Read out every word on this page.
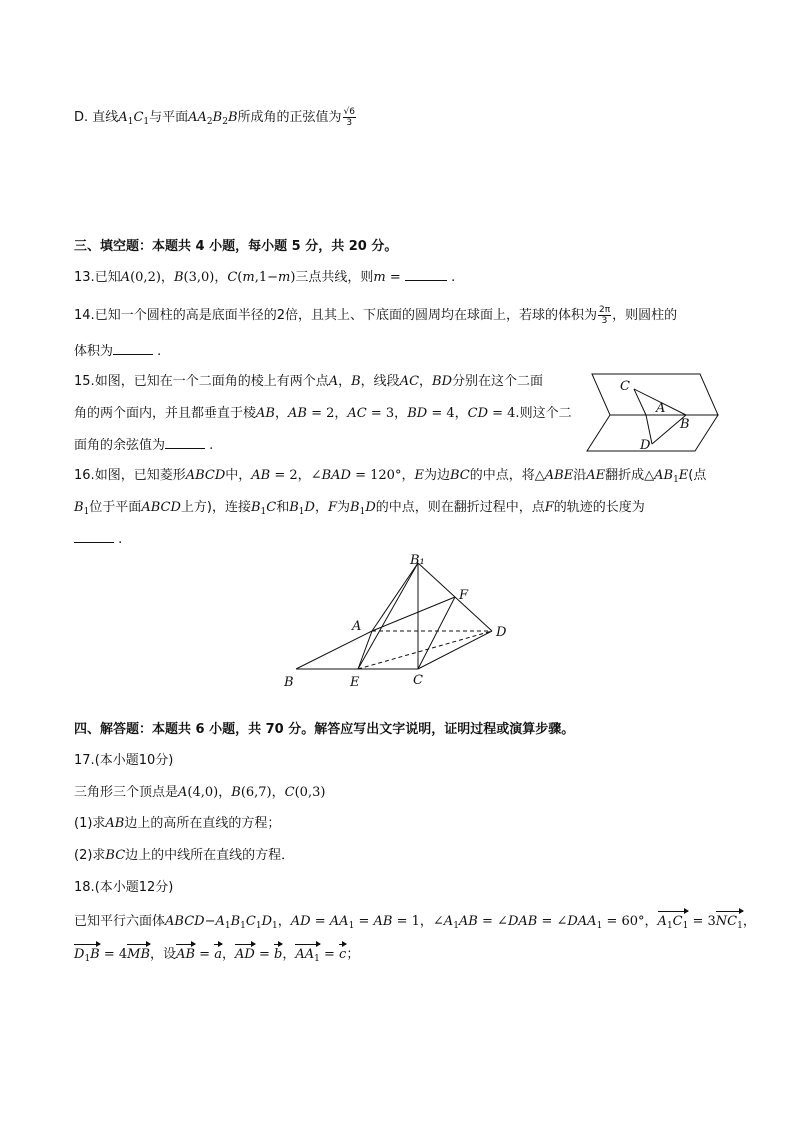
D. 直线$A_1C_1$与平面$AA_2B_2B$所成角的正弦值为 $\frac{√6}{3}$
三、填空题：本题共 4 小题，每小题 5 分，共 20 分。
13.已知A(0,2)，B(3,0)，C(m,1−m)三点共线，则m =	.
14.已知一个圆柱的高是底面半径的2倍，且其上、下底面的圆周均在球面上，若球的体积为 $\frac{2\pi}{3}$ ，则圆柱的
体积为	.
15.如图，已知在一个二面角的棱上有两个点A，B，线段AC，BD分别在这个二面
角的两个面内，并且都垂直于棱AB，AB = 2，AC = 3，BD = 4，CD = 4.则这个二
面角的余弦值为	.
C
A
B
D
16.如图，已知菱形ABCD中，AB = 2，∠BAD = 120°，E为边BC的中点，将△ABE沿AE翻折成$\triangle AB_1E$(点
$B_1$位于平面ABCD上方)，连接$B_1C$和$B_1D$，F为$B_1D$的中点，则在翻折过程中，点F的轨迹的长度为
.
B₁
F
A	D
B	E	C
四、解答题：本题共 6 小题，共 70 分。解答应写出文字说明，证明过程或演算步骤。
17.(本小题10分)
三角形三个顶点是A(4,0)，B(6,7)，C(0,3)
(1)求AB边上的高所在直线的方程；
(2)求BC边上的中线所在直线的方程．
18.(本小题12分)
已知平行六面体$ABCD-A_1B_1C_1D_1$，AD = $AA_1$ = AB = 1，$\angle A_1AB$ = ∠DAB = $\angle DAA_1 = 60^\circ$，$A_1C_1 = 3NC_1$，
$D_1B = 4MB$，设AB = a，AD = b，$AA_1 = c$；
